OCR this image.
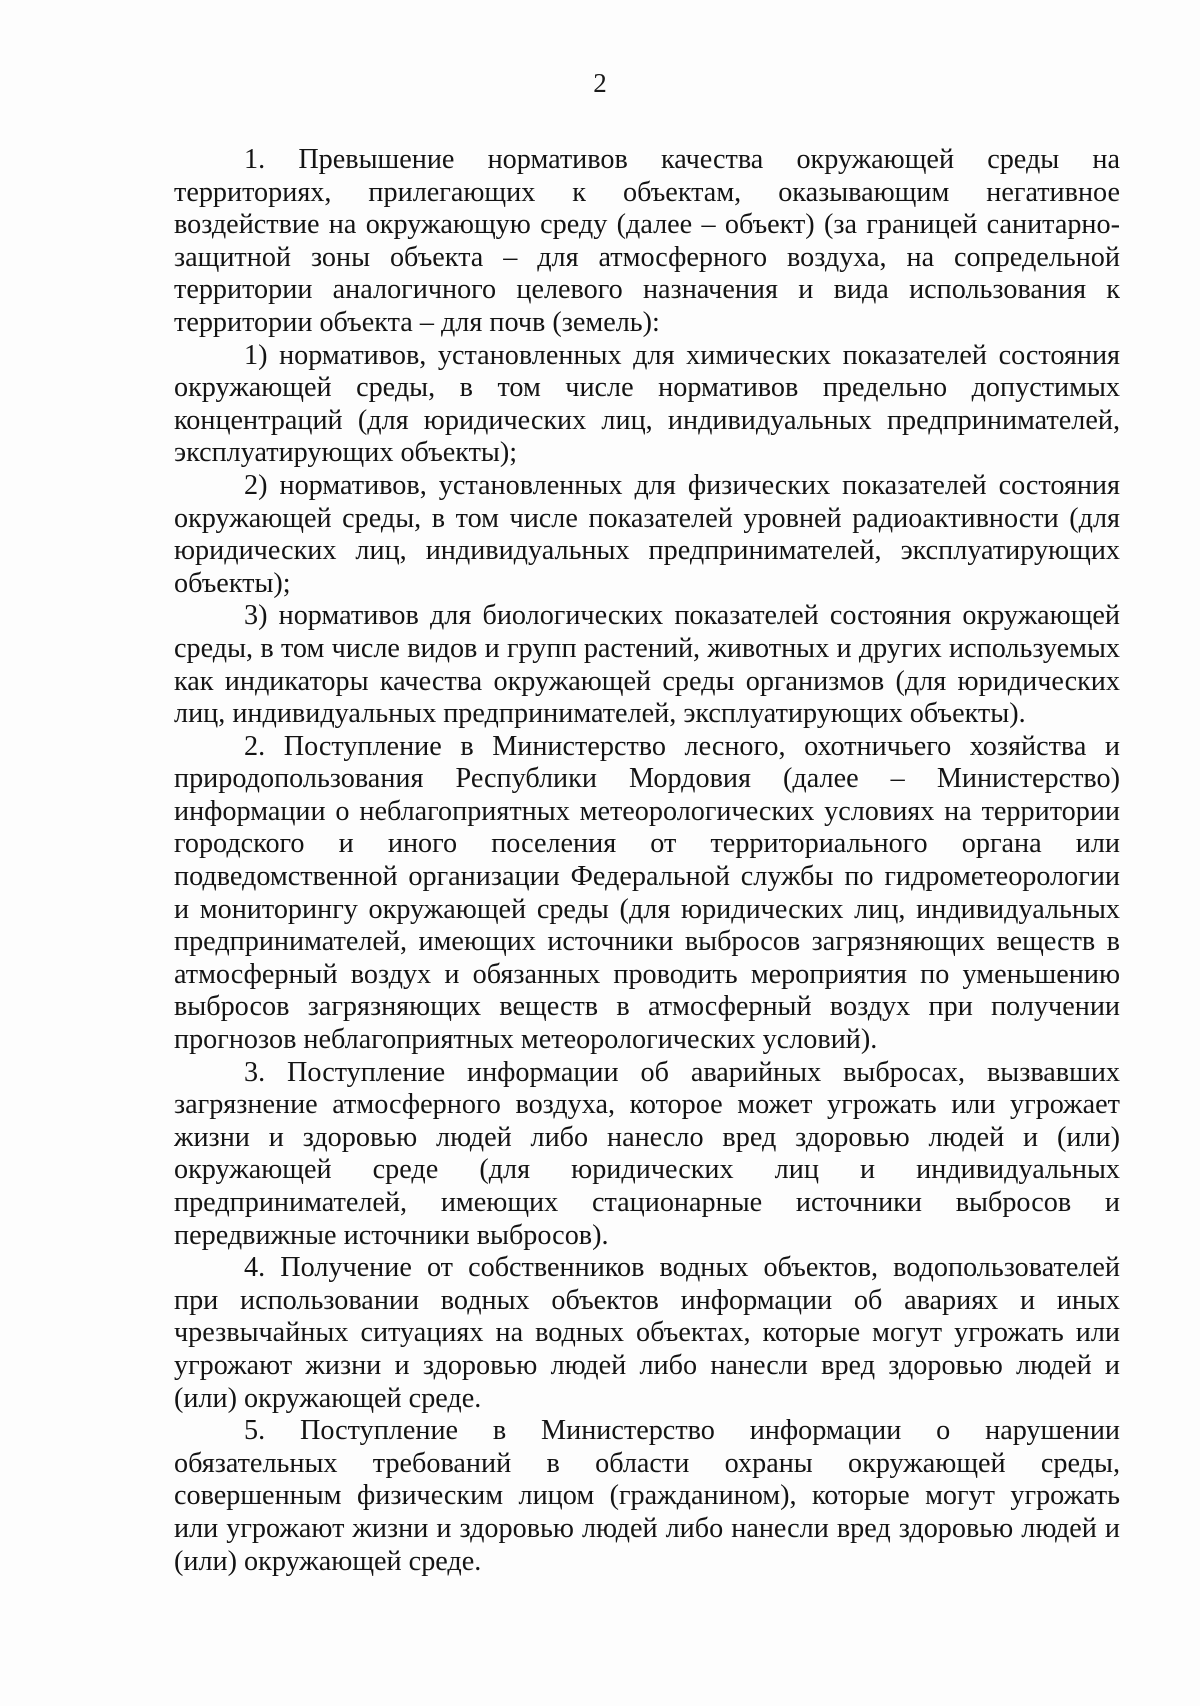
2

1. Превышение нормативов качества окружающей среды на территориях, прилегающих к объектам, оказывающим негативное воздействие на окружающую среду (далее – объект) (за границей санитарно-защитной зоны объекта – для атмосферного воздуха, на сопредельной территории аналогичного целевого назначения и вида использования к территории объекта – для почв (земель):

1) нормативов, установленных для химических показателей состояния окружающей среды, в том числе нормативов предельно допустимых концентраций (для юридических лиц, индивидуальных предпринимателей, эксплуатирующих объекты);

2) нормативов, установленных для физических показателей состояния окружающей среды, в том числе показателей уровней радиоактивности (для юридических лиц, индивидуальных предпринимателей, эксплуатирующих объекты);

3) нормативов для биологических показателей состояния окружающей среды, в том числе видов и групп растений, животных и других используемых как индикаторы качества окружающей среды организмов (для юридических лиц, индивидуальных предпринимателей, эксплуатирующих объекты).

2. Поступление в Министерство лесного, охотничьего хозяйства и природопользования Республики Мордовия (далее – Министерство) информации о неблагоприятных метеорологических условиях на территории городского и иного поселения от территориального органа или подведомственной организации Федеральной службы по гидрометеорологии и мониторингу окружающей среды (для юридических лиц, индивидуальных предпринимателей, имеющих источники выбросов загрязняющих веществ в атмосферный воздух и обязанных проводить мероприятия по уменьшению выбросов загрязняющих веществ в атмосферный воздух при получении прогнозов неблагоприятных метеорологических условий).

3. Поступление информации об аварийных выбросах, вызвавших загрязнение атмосферного воздуха, которое может угрожать или угрожает жизни и здоровью людей либо нанесло вред здоровью людей и (или) окружающей среде (для юридических лиц и индивидуальных предпринимателей, имеющих стационарные источники выбросов и передвижные источники выбросов).

4. Получение от собственников водных объектов, водопользователей при использовании водных объектов информации об авариях и иных чрезвычайных ситуациях на водных объектах, которые могут угрожать или угрожают жизни и здоровью людей либо нанесли вред здоровью людей и (или) окружающей среде.

5. Поступление в Министерство информации о нарушении обязательных требований в области охраны окружающей среды, совершенным физическим лицом (гражданином), которые могут угрожать или угрожают жизни и здоровью людей либо нанесли вред здоровью людей и (или) окружающей среде.
